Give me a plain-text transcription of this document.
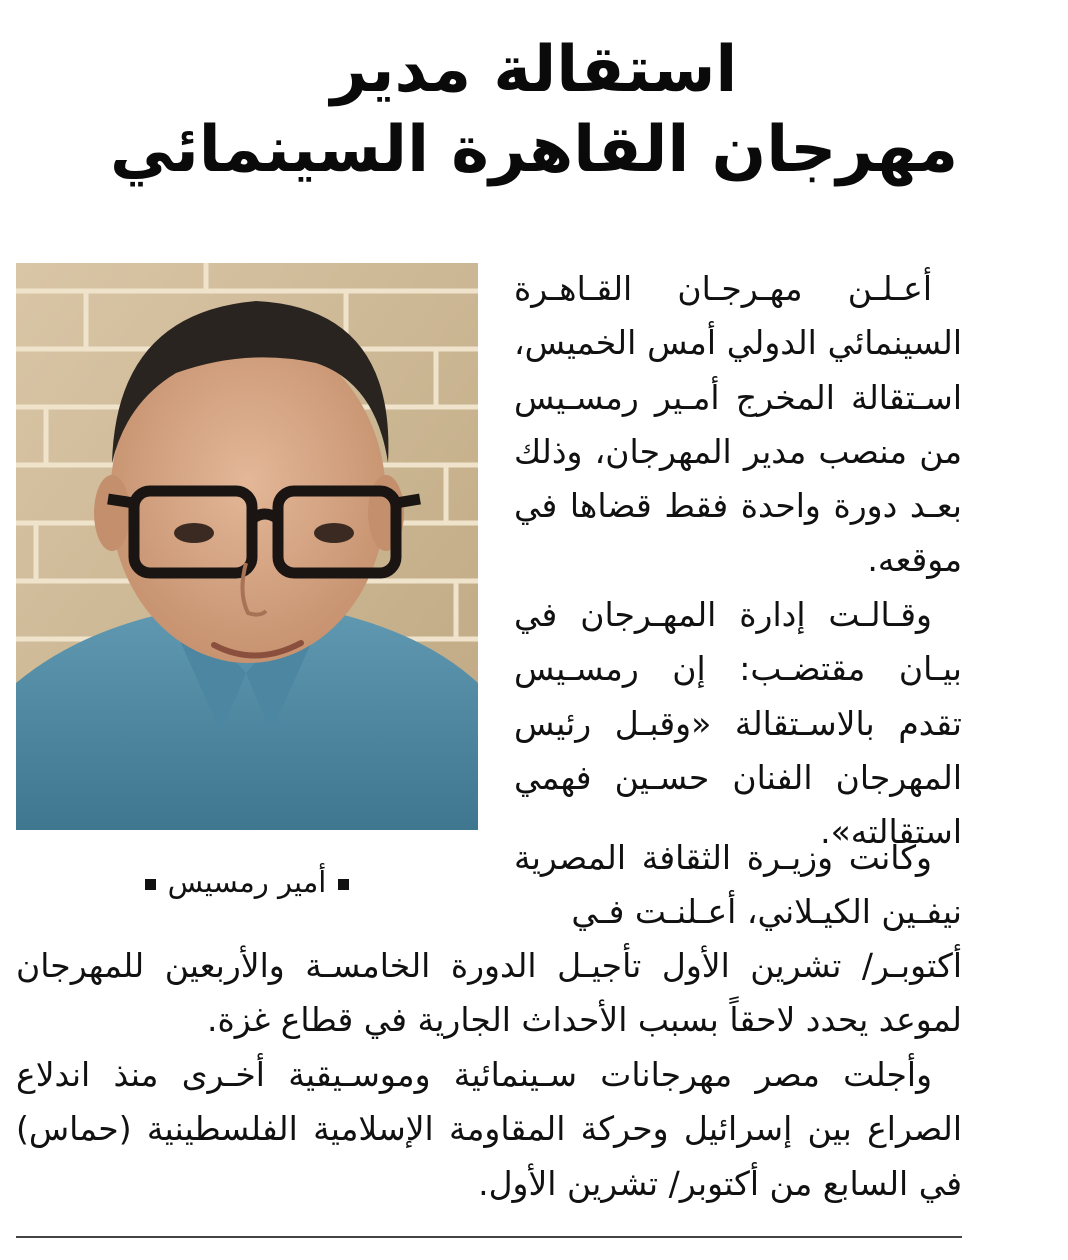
استقالة مدير
مهرجان القاهرة السينمائي
أمير رمسيس

أعـلـن مهـرجـان القـاهـرة السينمائي الدولي أمس الخميس، اسـتقالة المخرج أمـير رمسـيس من منصب مدير المهرجان، وذلك بعـد دورة واحدة فقط قضاها في موقعه.

وقـالـت إدارة المهـرجان في بيـان مقتضـب: إن رمسـيس تقدم بالاسـتقالة «وقبـل رئيس المهرجان الفنان حسـين فهمي استقالته».

وكانت وزيـرة الثقافة المصرية نيفـين الكيـلاني، أعـلنـت فـي

أكتوبـر/ تشرين الأول تأجيـل الدورة الخامسـة والأربعين للمهرجان لموعد يحدد لاحقاً بسبب الأحداث الجارية في قطاع غزة.

وأجلت مصر مهرجانات سـينمائية وموسـيقية أخـرى منذ اندلاع الصراع بين إسرائيل وحركة المقاومة الإسلامية الفلسطينية (حماس) في السابع من أكتوبر/ تشرين الأول.
